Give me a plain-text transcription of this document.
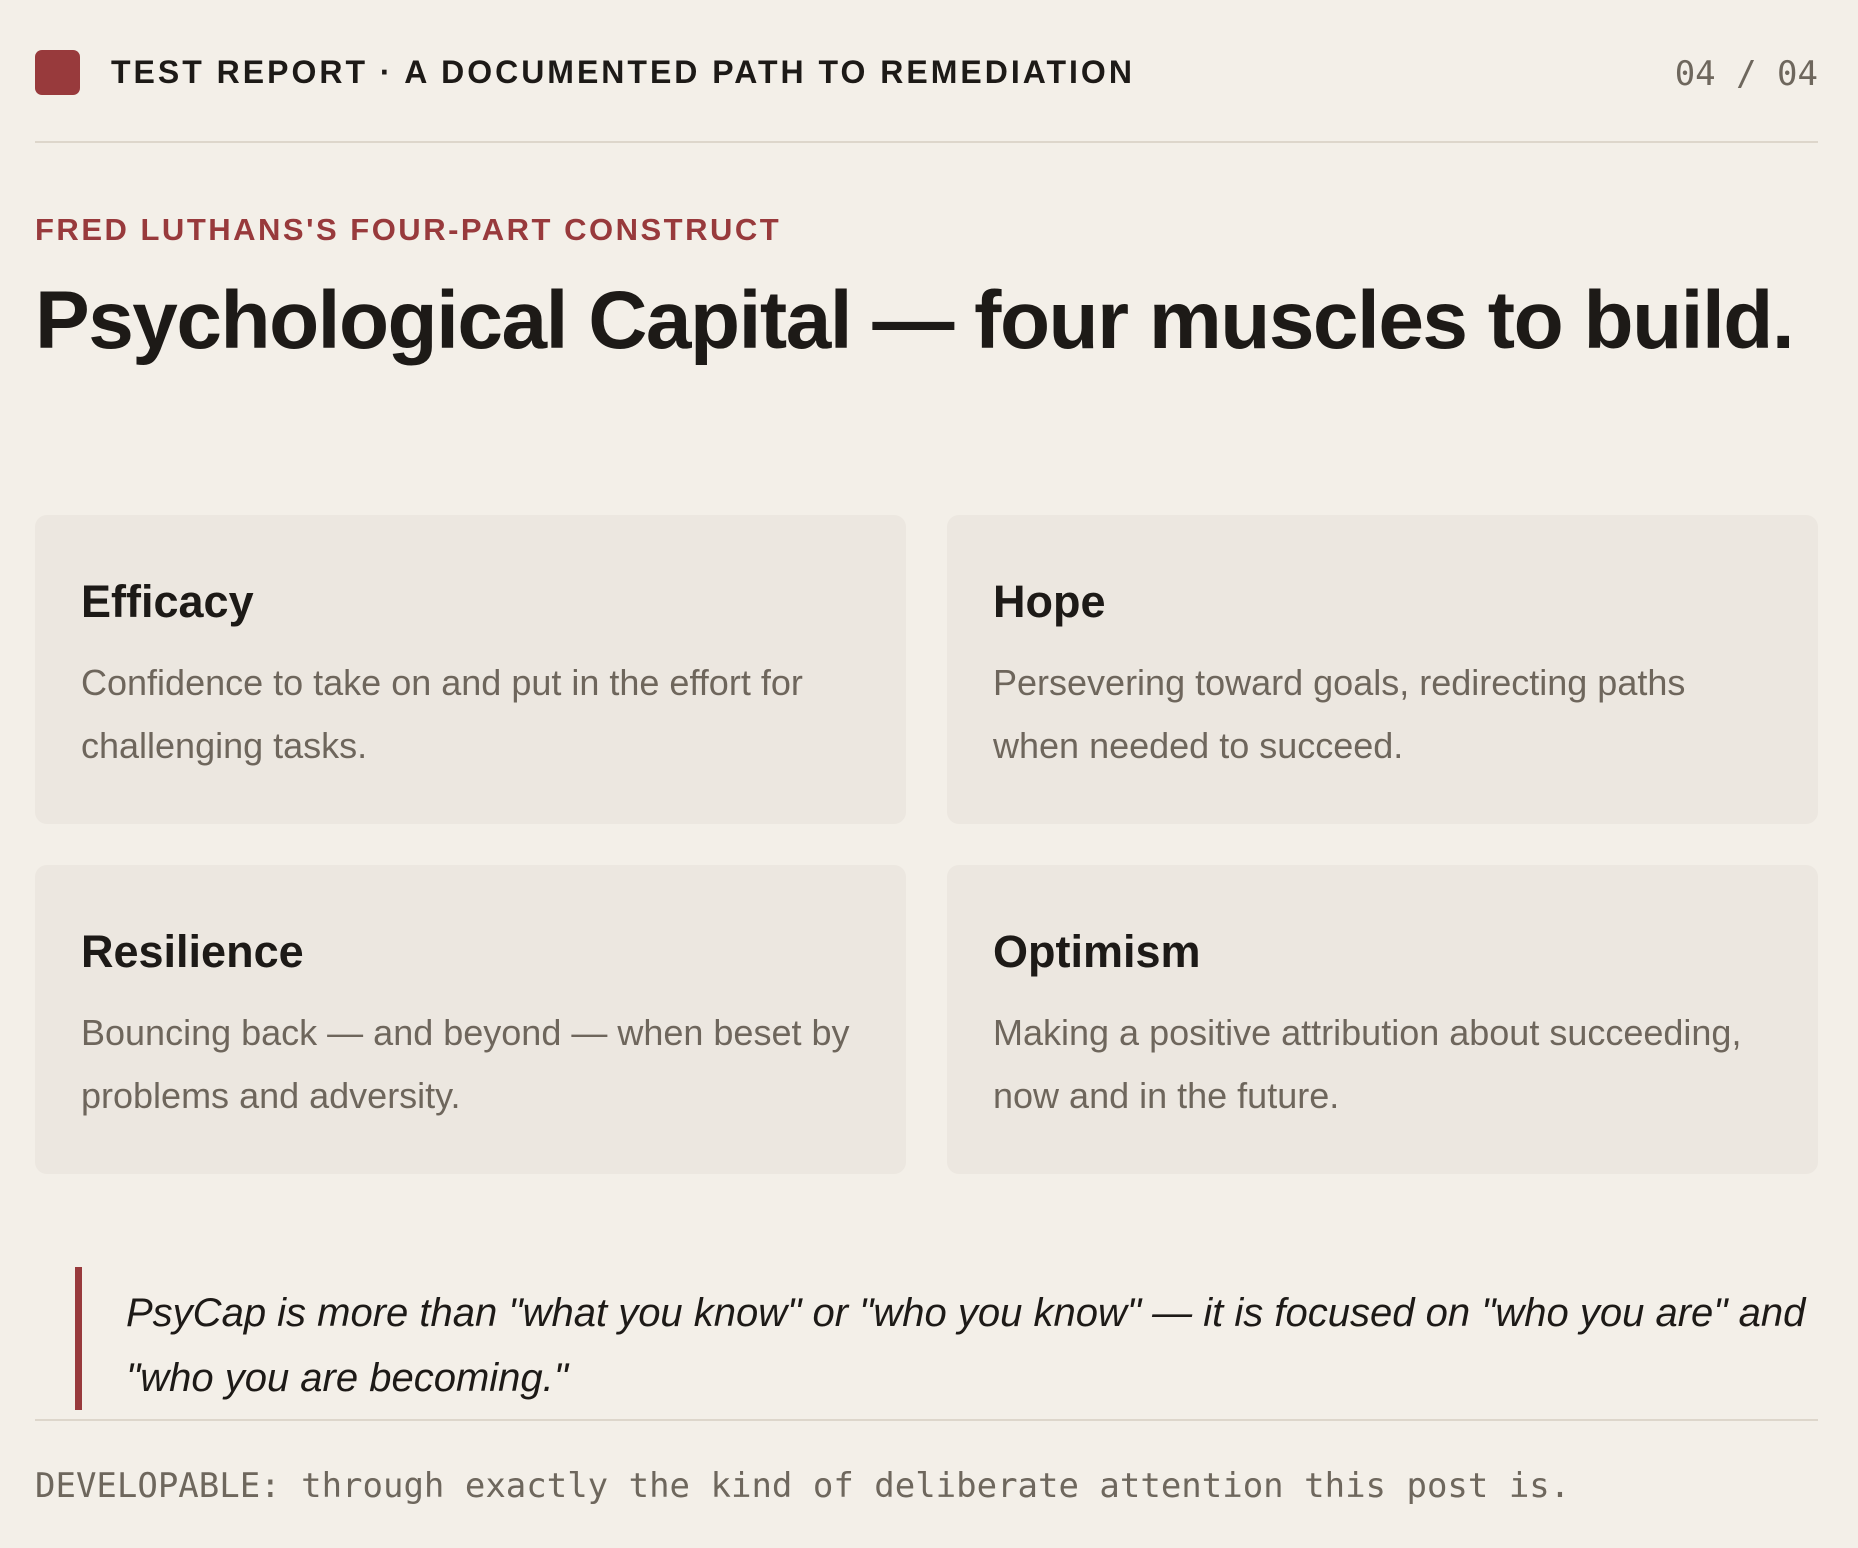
TEST REPORT · A DOCUMENTED PATH TO REMEDIATION	04 / 04
FRED LUTHANS'S FOUR-PART CONSTRUCT
Psychological Capital — four muscles to build.
Efficacy

Confidence to take on and put in the effort for challenging tasks.

Hope

Persevering toward goals, redirecting paths when needed to succeed.

Resilience

Bouncing back — and beyond — when beset by problems and adversity.

Optimism

Making a positive attribution about succeeding, now and in the future.

PsyCap is more than "what you know" or "who you know" — it is focused on "who you are" and "who you are becoming."
DEVELOPABLE: through exactly the kind of deliberate attention this post is.
